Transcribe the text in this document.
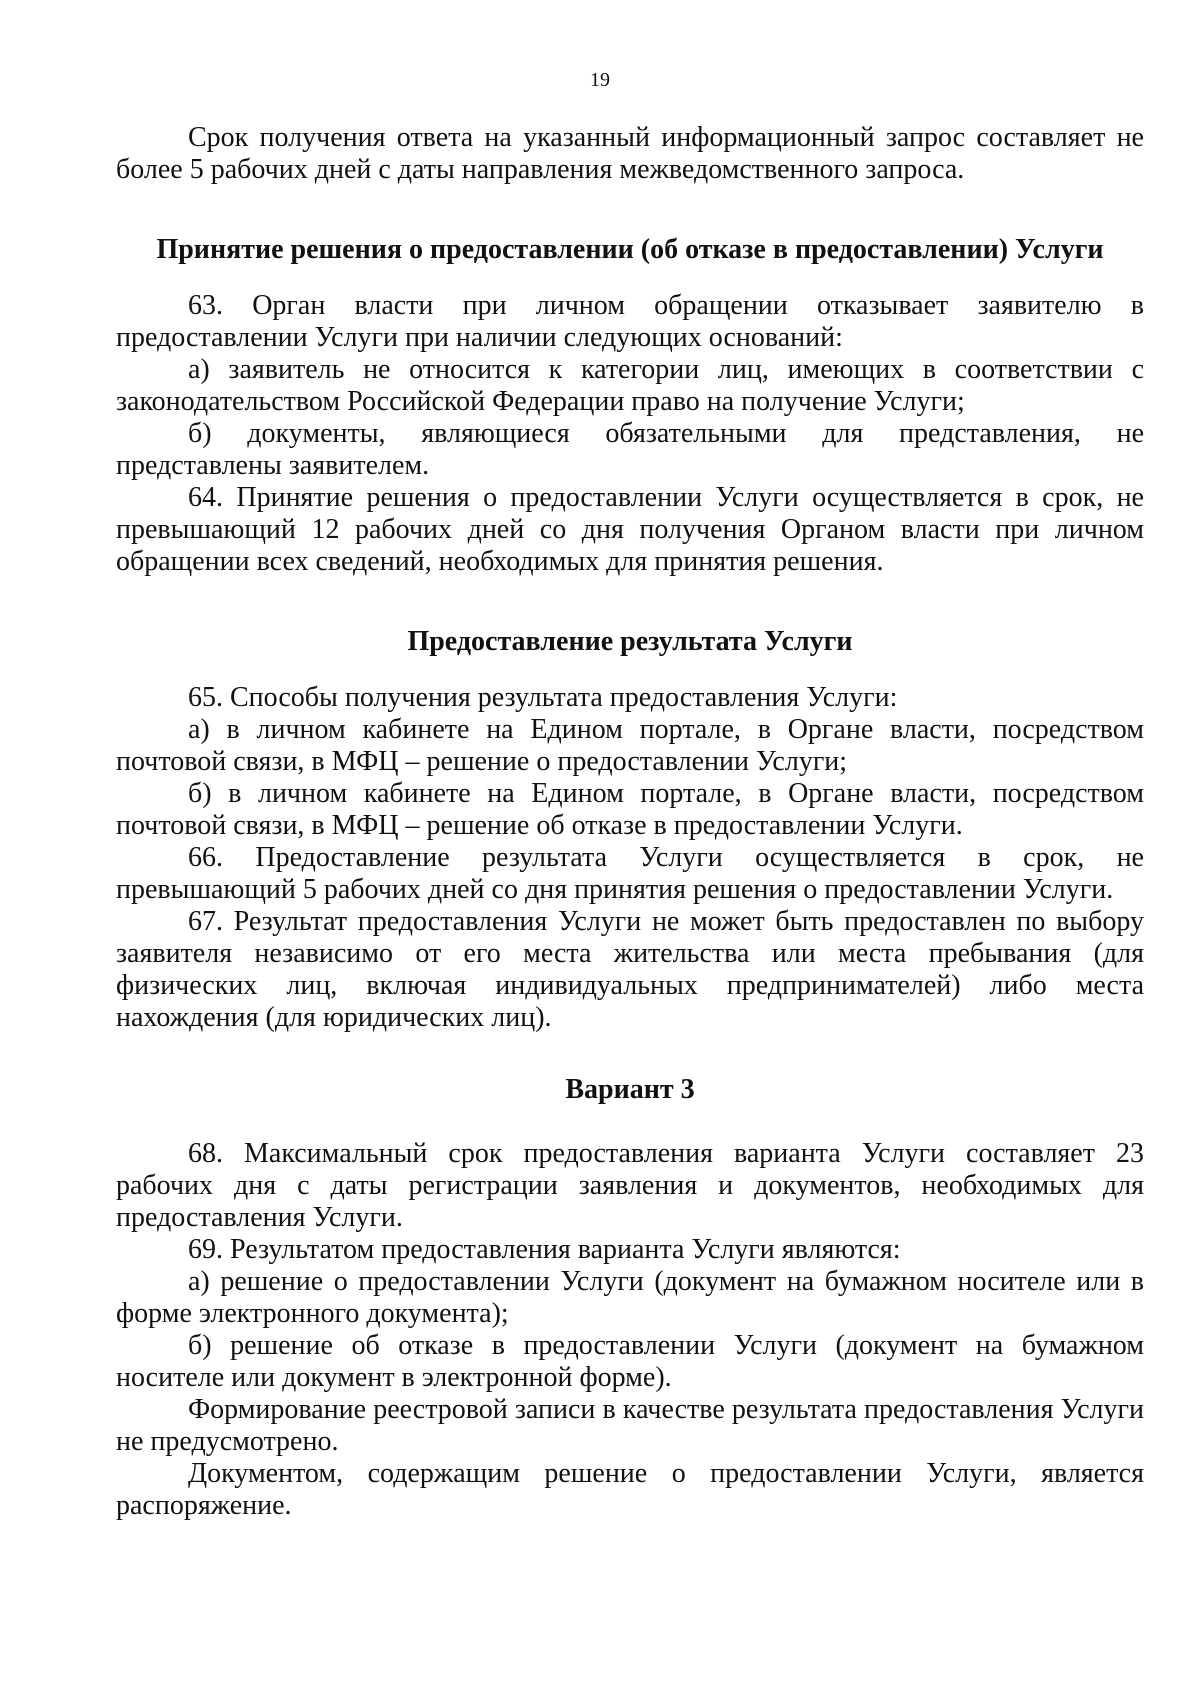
19

Срок получения ответа на указанный информационный запрос составляет не более 5 рабочих дней с даты направления межведомственного запроса.

Принятие решения о предоставлении (об отказе в предоставлении) Услуги

63. Орган власти при личном обращении отказывает заявителю в предоставлении Услуги при наличии следующих оснований:

а) заявитель не относится к категории лиц, имеющих в соответствии с законодательством Российской Федерации право на получение Услуги;

б) документы, являющиеся обязательными для представления, не представлены заявителем.

64. Принятие решения о предоставлении Услуги осуществляется в срок, не превышающий 12 рабочих дней со дня получения Органом власти при личном обращении всех сведений, необходимых для принятия решения.

Предоставление результата Услуги

65. Способы получения результата предоставления Услуги:

а) в личном кабинете на Едином портале, в Органе власти, посредством почтовой связи, в МФЦ – решение о предоставлении Услуги;

б) в личном кабинете на Едином портале, в Органе власти, посредством почтовой связи, в МФЦ – решение об отказе в предоставлении Услуги.

66. Предоставление результата Услуги осуществляется в срок, не превышающий 5 рабочих дней со дня принятия решения о предоставлении Услуги.

67. Результат предоставления Услуги не может быть предоставлен по выбору заявителя независимо от его места жительства или места пребывания (для физических лиц, включая индивидуальных предпринимателей) либо места нахождения (для юридических лиц).

Вариант 3

68. Максимальный срок предоставления варианта Услуги составляет 23 рабочих дня с даты регистрации заявления и документов, необходимых для предоставления Услуги.

69. Результатом предоставления варианта Услуги являются:

а) решение о предоставлении Услуги (документ на бумажном носителе или в форме электронного документа);

б) решение об отказе в предоставлении Услуги (документ на бумажном носителе или документ в электронной форме).

Формирование реестровой записи в качестве результата предоставления Услуги не предусмотрено.

Документом, содержащим решение о предоставлении Услуги, является распоряжение.
